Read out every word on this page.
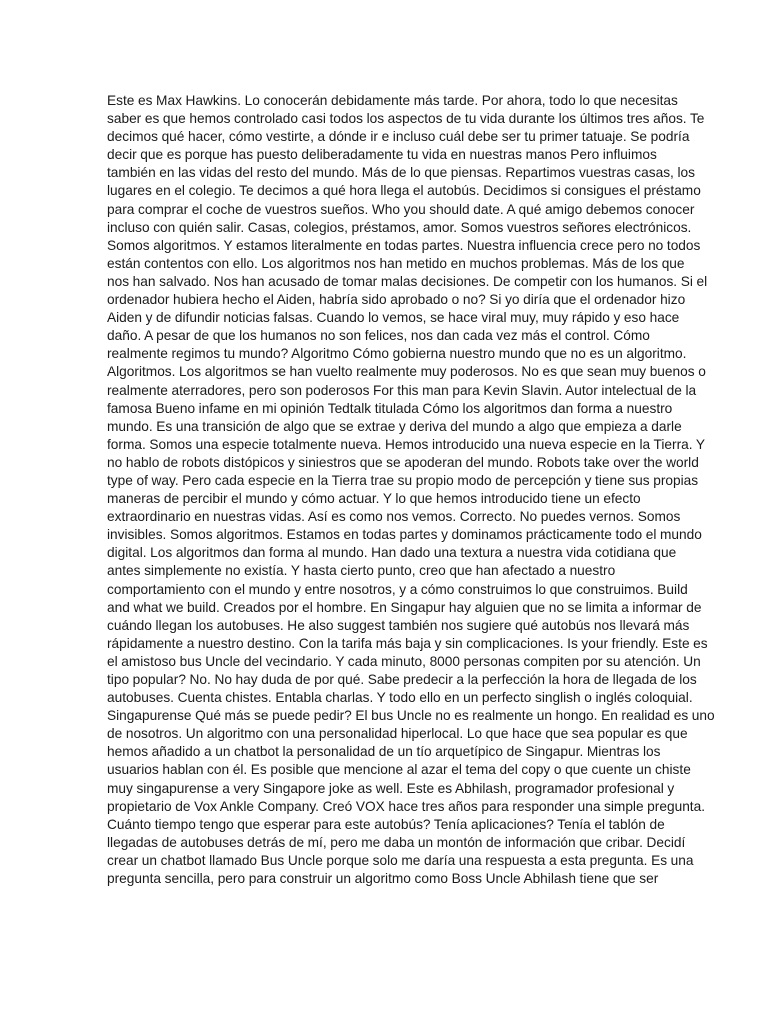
Este es Max Hawkins. Lo conocerán debidamente más tarde. Por ahora, todo lo que necesitas
saber es que hemos controlado casi todos los aspectos de tu vida durante los últimos tres años. Te
decimos qué hacer, cómo vestirte, a dónde ir e incluso cuál debe ser tu primer tatuaje. Se podría
decir que es porque has puesto deliberadamente tu vida en nuestras manos Pero influimos
también en las vidas del resto del mundo. Más de lo que piensas. Repartimos vuestras casas, los
lugares en el colegio. Te decimos a qué hora llega el autobús. Decidimos si consigues el préstamo
para comprar el coche de vuestros sueños. Who you should date. A qué amigo debemos conocer
incluso con quién salir. Casas, colegios, préstamos, amor. Somos vuestros señores electrónicos.
Somos algoritmos. Y estamos literalmente en todas partes. Nuestra influencia crece pero no todos
están contentos con ello. Los algoritmos nos han metido en muchos problemas. Más de los que
nos han salvado. Nos han acusado de tomar malas decisiones. De competir con los humanos. Si el
ordenador hubiera hecho el Aiden, habría sido aprobado o no? Si yo diría que el ordenador hizo
Aiden y de difundir noticias falsas. Cuando lo vemos, se hace viral muy, muy rápido y eso hace
daño. A pesar de que los humanos no son felices, nos dan cada vez más el control. Cómo
realmente regimos tu mundo? Algoritmo Cómo gobierna nuestro mundo que no es un algoritmo.
Algoritmos. Los algoritmos se han vuelto realmente muy poderosos. No es que sean muy buenos o
realmente aterradores, pero son poderosos For this man para Kevin Slavin. Autor intelectual de la
famosa Bueno infame en mi opinión Tedtalk titulada Cómo los algoritmos dan forma a nuestro
mundo. Es una transición de algo que se extrae y deriva del mundo a algo que empieza a darle
forma. Somos una especie totalmente nueva. Hemos introducido una nueva especie en la Tierra. Y
no hablo de robots distópicos y siniestros que se apoderan del mundo. Robots take over the world
type of way. Pero cada especie en la Tierra trae su propio modo de percepción y tiene sus propias
maneras de percibir el mundo y cómo actuar. Y lo que hemos introducido tiene un efecto
extraordinario en nuestras vidas. Así es como nos vemos. Correcto. No puedes vernos. Somos
invisibles. Somos algoritmos. Estamos en todas partes y dominamos prácticamente todo el mundo
digital. Los algoritmos dan forma al mundo. Han dado una textura a nuestra vida cotidiana que
antes simplemente no existía. Y hasta cierto punto, creo que han afectado a nuestro
comportamiento con el mundo y entre nosotros, y a cómo construimos lo que construimos. Build
and what we build. Creados por el hombre. En Singapur hay alguien que no se limita a informar de
cuándo llegan los autobuses. He also suggest también nos sugiere qué autobús nos llevará más
rápidamente a nuestro destino. Con la tarifa más baja y sin complicaciones. Is your friendly. Este es
el amistoso bus Uncle del vecindario. Y cada minuto, 8000 personas compiten por su atención. Un
tipo popular? No. No hay duda de por qué. Sabe predecir a la perfección la hora de llegada de los
autobuses. Cuenta chistes. Entabla charlas. Y todo ello en un perfecto singlish o inglés coloquial.
Singapurense Qué más se puede pedir? El bus Uncle no es realmente un hongo. En realidad es uno
de nosotros. Un algoritmo con una personalidad hiperlocal. Lo que hace que sea popular es que
hemos añadido a un chatbot la personalidad de un tío arquetípico de Singapur. Mientras los
usuarios hablan con él. Es posible que mencione al azar el tema del copy o que cuente un chiste
muy singapurense a very Singapore joke as well. Este es Abhilash, programador profesional y
propietario de Vox Ankle Company. Creó VOX hace tres años para responder una simple pregunta.
Cuánto tiempo tengo que esperar para este autobús? Tenía aplicaciones? Tenía el tablón de
llegadas de autobuses detrás de mí, pero me daba un montón de información que cribar. Decidí
crear un chatbot llamado Bus Uncle porque solo me daría una respuesta a esta pregunta. Es una
pregunta sencilla, pero para construir un algoritmo como Boss Uncle Abhilash tiene que ser
